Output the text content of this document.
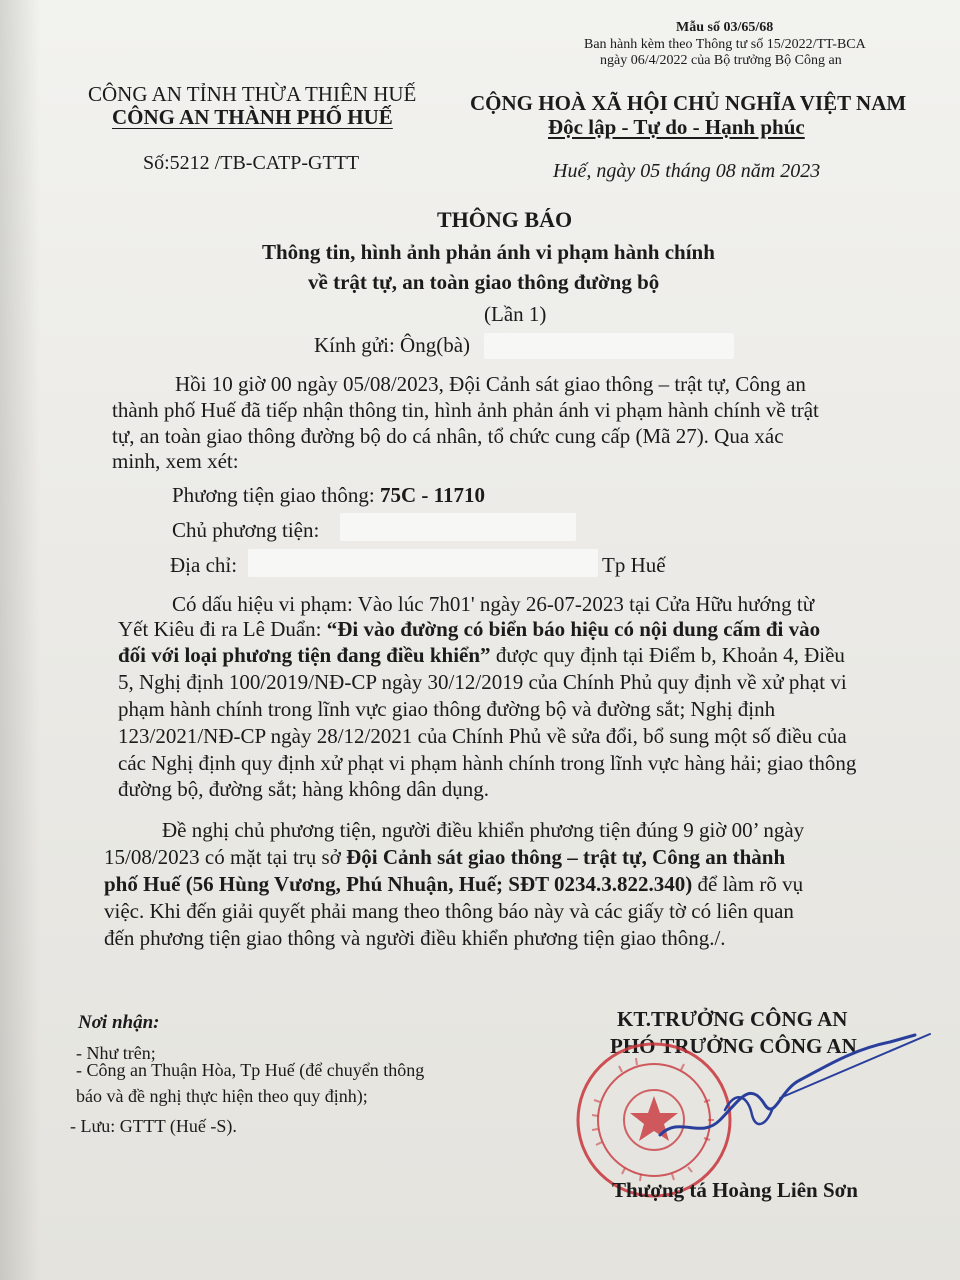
Mẫu số 03/65/68
Ban hành kèm theo Thông tư số 15/2022/TT-BCA
ngày 06/4/2022 của Bộ trưởng Bộ Công an
CÔNG AN TỈNH THỪA THIÊN HUẾ
CÔNG AN THÀNH PHỐ HUẾ
Số:5212 /TB-CATP-GTTT
CỘNG HOÀ XÃ HỘI CHỦ NGHĨA VIỆT NAM
Độc lập - Tự do - Hạnh phúc
Huế, ngày 05 tháng 08 năm 2023
THÔNG BÁO
Thông tin, hình ảnh phản ánh vi phạm hành chính
về trật tự, an toàn giao thông đường bộ
(Lần 1)
Kính gửi: Ông(bà)
Hồi 10 giờ 00 ngày 05/08/2023, Đội Cảnh sát giao thông – trật tự, Công an
thành phố Huế đã tiếp nhận thông tin, hình ảnh phản ánh vi phạm hành chính về trật
tự, an toàn giao thông đường bộ do cá nhân, tổ chức cung cấp (Mã 27). Qua xác
minh, xem xét:
Phương tiện giao thông: 75C - 11710
Chủ phương tiện:
Địa chỉ:	Tp Huế
Có dấu hiệu vi phạm: Vào lúc 7h01' ngày 26-07-2023 tại Cửa Hữu hướng từ
Yết Kiêu đi ra Lê Duẩn: “Đi vào đường có biển báo hiệu có nội dung cấm đi vào
đối với loại phương tiện đang điều khiển” được quy định tại Điểm b, Khoản 4, Điều
5, Nghị định 100/2019/NĐ-CP ngày 30/12/2019 của Chính Phủ quy định về xử phạt vi
phạm hành chính trong lĩnh vực giao thông đường bộ và đường sắt; Nghị định
123/2021/NĐ-CP ngày 28/12/2021 của Chính Phủ về sửa đổi, bổ sung một số điều của
các Nghị định quy định xử phạt vi phạm hành chính trong lĩnh vực hàng hải; giao thông
đường bộ, đường sắt; hàng không dân dụng.
Đề nghị chủ phương tiện, người điều khiển phương tiện đúng 9 giờ 00’ ngày
15/08/2023 có mặt tại trụ sở Đội Cảnh sát giao thông – trật tự, Công an thành
phố Huế (56 Hùng Vương, Phú Nhuận, Huế; SĐT 0234.3.822.340) để làm rõ vụ
việc. Khi đến giải quyết phải mang theo thông báo này và các giấy tờ có liên quan
đến phương tiện giao thông và người điều khiển phương tiện giao thông./.
Nơi nhận:
- Như trên;
- Công an Thuận Hòa, Tp Huế (để chuyển thông
báo và đề nghị thực hiện theo quy định);
- Lưu: GTTT (Huế -S).
KT.TRƯỞNG CÔNG AN
PHÓ TRƯỞNG CÔNG AN
Thượng tá Hoàng Liên Sơn
